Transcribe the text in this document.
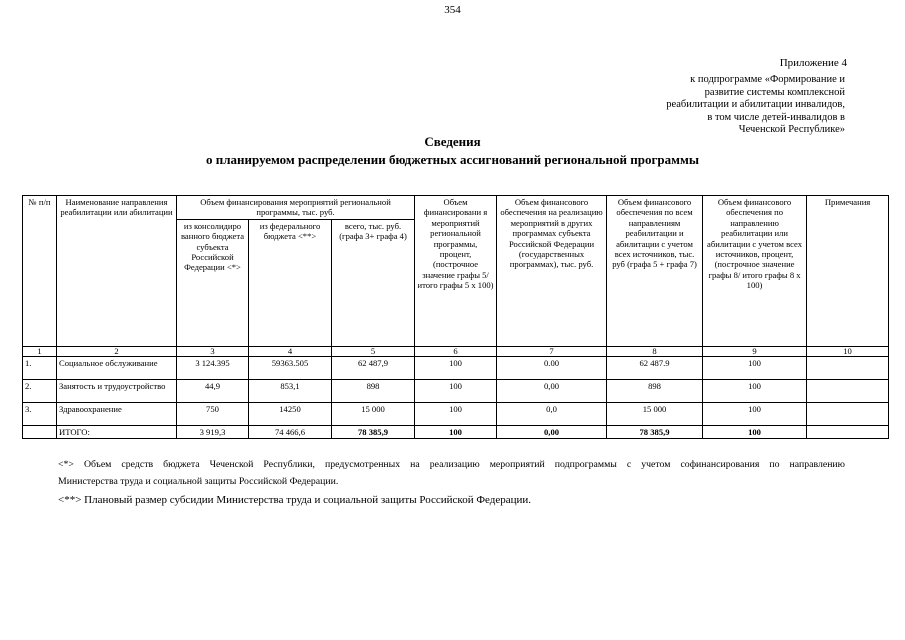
354
Приложение 4
к подпрограмме «Формирование и
развитие системы комплексной
реабилитации и абилитации инвалидов,
в том числе детей-инвалидов в
Чеченской Республике»
Сведения
о планируемом распределении бюджетных ассигнований региональной программы
№ п/п	Наименование направления реабилитации или абилитации	Объем финансирования мероприятий региональной программы, тыс. руб.			Объем финансировани я мероприятий региональной программы, процент, (построчное значение графы 5/ итого графы 5 х 100)	Объем финансового обеспечения на реализацию мероприятий в других программах субъекта Российской Федерации (государственных программах), тыс. руб.	Объем финансового обеспечения по всем направлениям реабилитации и абилитации с учетом всех источников, тыс. руб (графа 5 + графа 7)	Объем финансового обеспечения по направлению реабилитации или абилитации с учетом всех источников, процент, (построчное значение графы 8/ итого графы 8 х 100)	Примечания
		из консолидиро ванного бюджета субъекта Российской Федерации <*>	из федерального бюджета <**>	всего, тыс. руб. (графа 3+ графа 4)					
1	2	3	4	5	6	7	8	9	10
1.	Социальное обслуживание	3 124.395	59363.505	62 487,9	100	0.00	62 487.9	100	
2.	Занятость и трудоустройство	44,9	853,1	898	100	0,00	898	100	
3.	Здравоохранение	750	14250	15 000	100	0,0	15 000	100	
	ИТОГО:	3 919,3	74 466,6	78 385,9	100	0,00	78 385,9	100	
<*> Объем средств бюджета Чеченской Республики, предусмотренных на реализацию мероприятий подпрограммы с учетом софинансирования по направлению
Министерства труда и социальной защиты Российской Федерации.
<**> Плановый размер субсидии Министерства труда и социальной защиты Российской Федерации.
